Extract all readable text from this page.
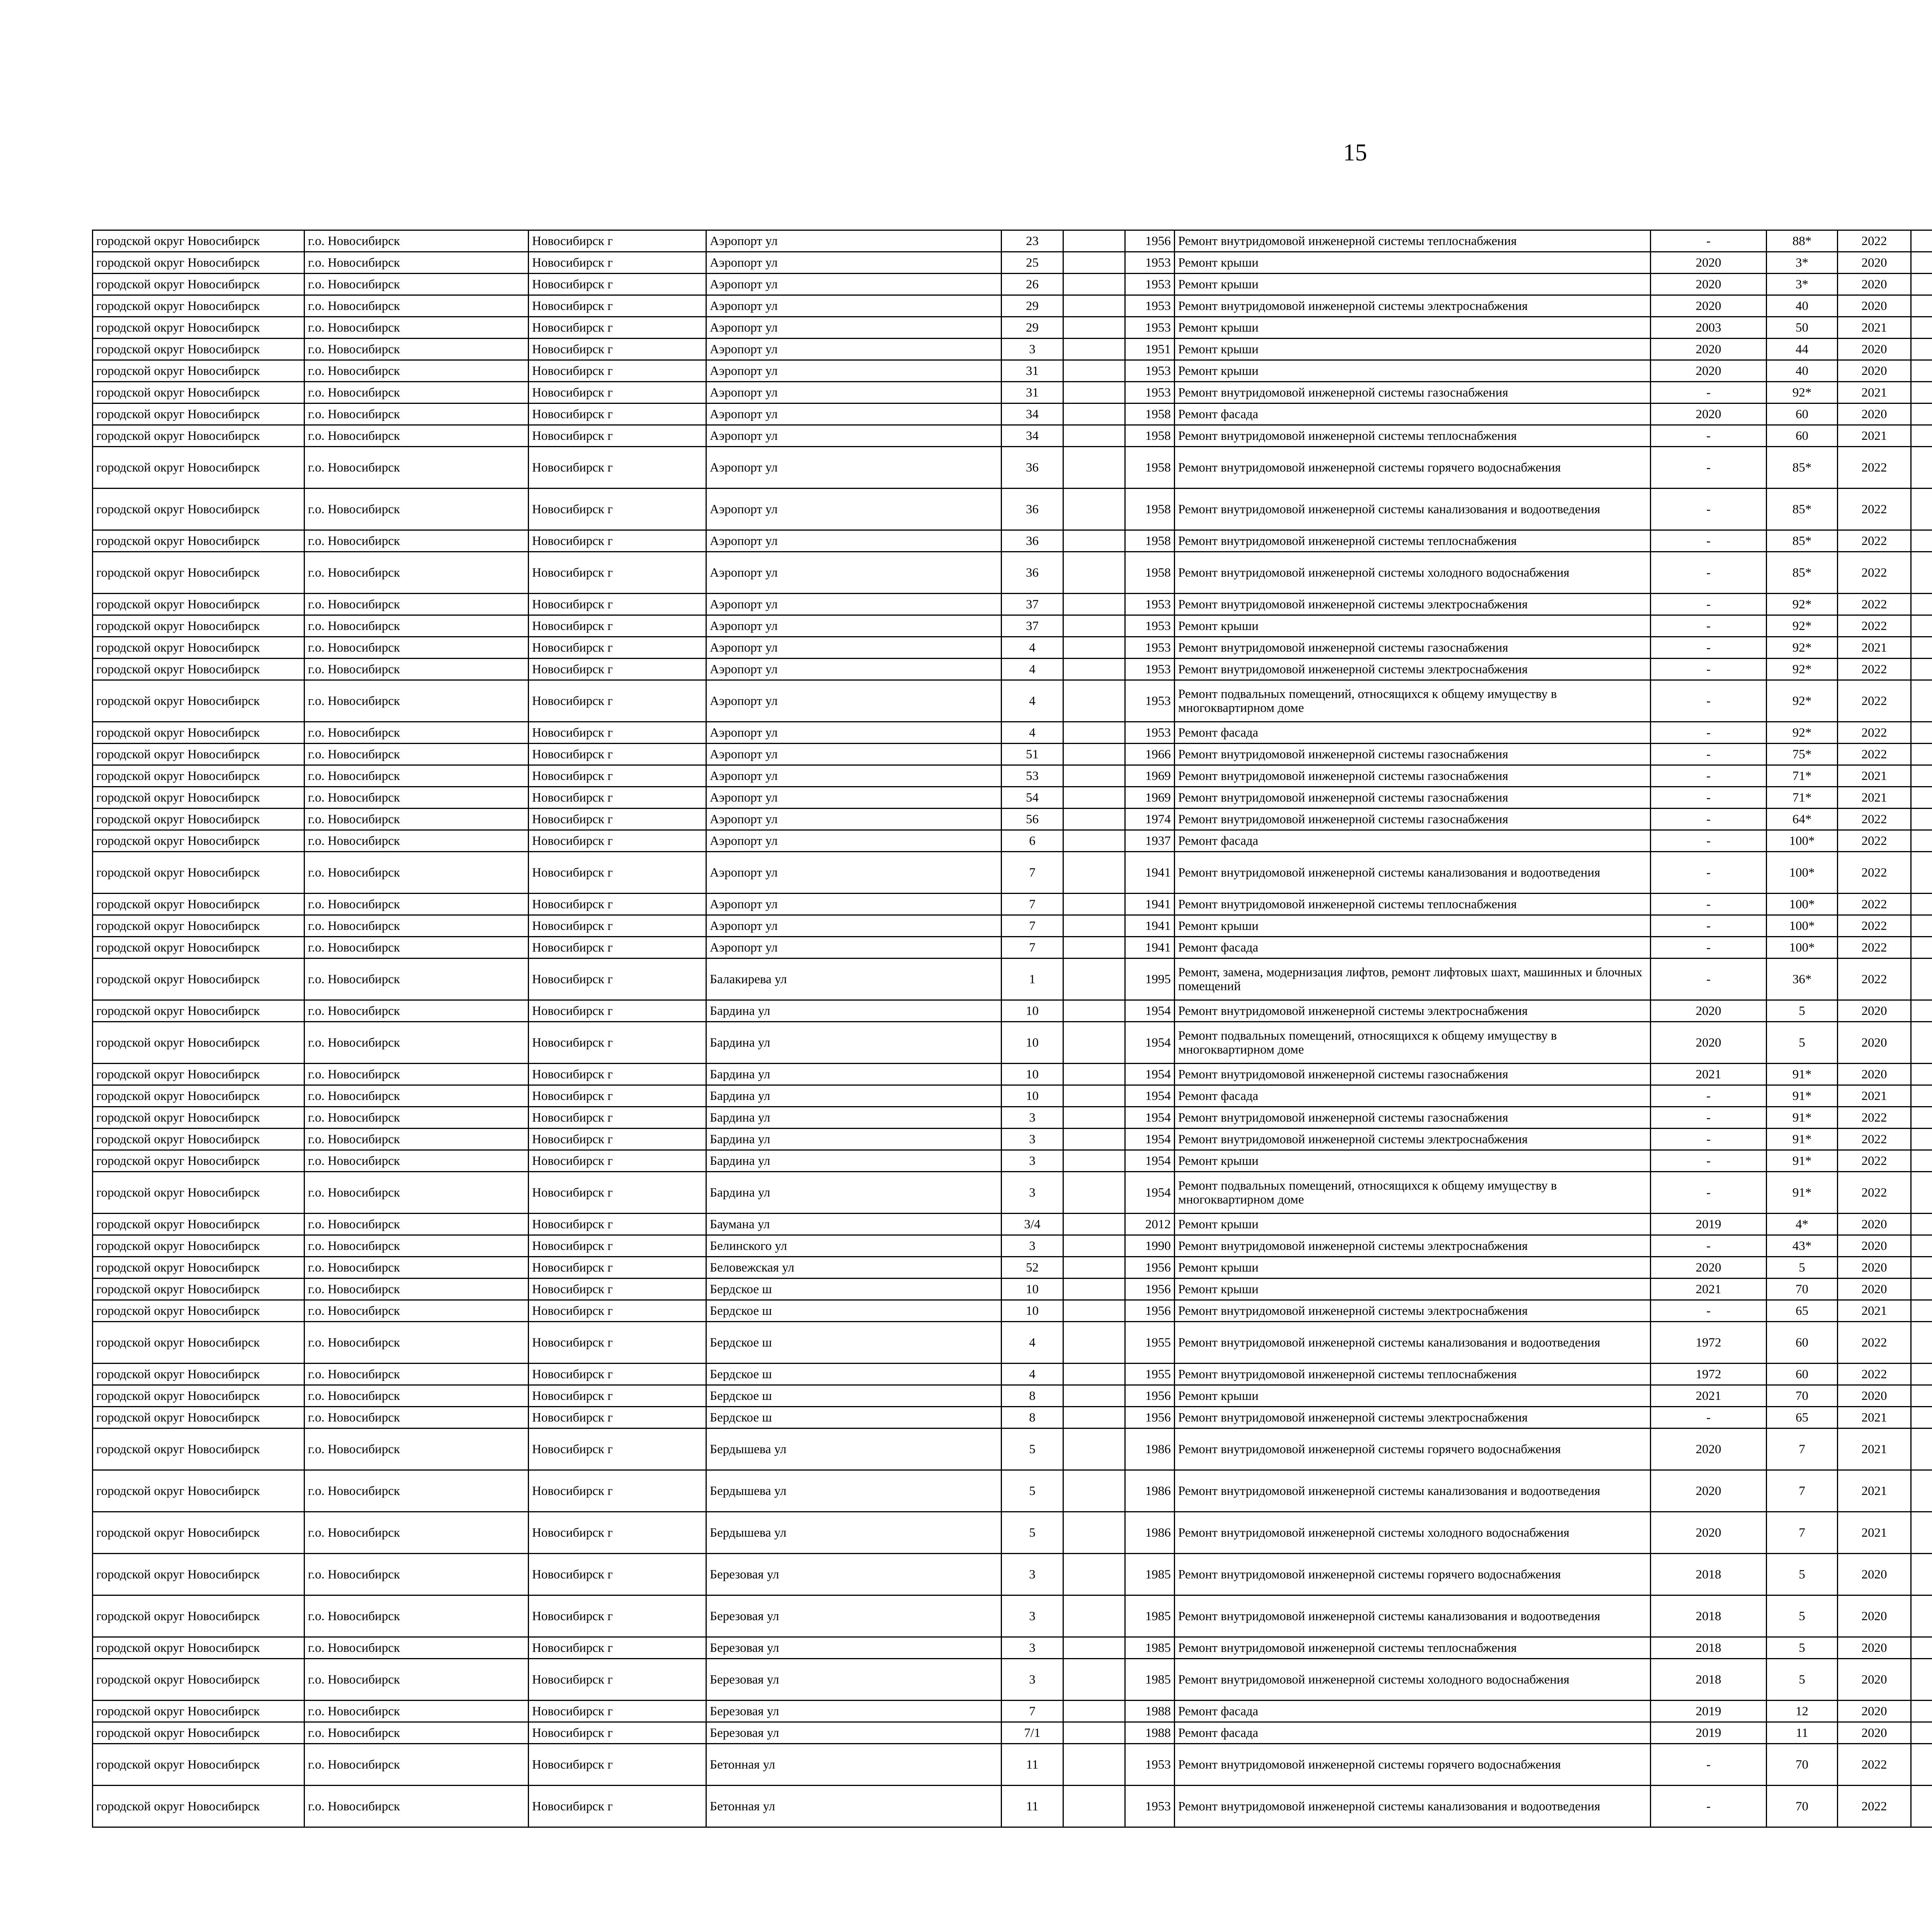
15
городской округ Новосибирск	г.о. Новосибирск	Новосибирск г	Аэропорт ул	23		1956	Ремонт внутридомовой инженерной системы теплоснабжения	-	88*	2022						
городской округ Новосибирск	г.о. Новосибирск	Новосибирск г	Аэропорт ул	25		1953	Ремонт крыши	2020	3*	2020						
городской округ Новосибирск	г.о. Новосибирск	Новосибирск г	Аэропорт ул	26		1953	Ремонт крыши	2020	3*	2020						
городской округ Новосибирск	г.о. Новосибирск	Новосибирск г	Аэропорт ул	29		1953	Ремонт внутридомовой инженерной системы электроснабжения	2020	40	2020						
городской округ Новосибирск	г.о. Новосибирск	Новосибирск г	Аэропорт ул	29		1953	Ремонт крыши	2003	50	2021						
городской округ Новосибирск	г.о. Новосибирск	Новосибирск г	Аэропорт ул	3		1951	Ремонт крыши	2020	44	2020						
городской округ Новосибирск	г.о. Новосибирск	Новосибирск г	Аэропорт ул	31		1953	Ремонт крыши	2020	40	2020						
городской округ Новосибирск	г.о. Новосибирск	Новосибирск г	Аэропорт ул	31		1953	Ремонт внутридомовой инженерной системы газоснабжения	-	92*	2021						
городской округ Новосибирск	г.о. Новосибирск	Новосибирск г	Аэропорт ул	34		1958	Ремонт фасада	2020	60	2020						
городской округ Новосибирск	г.о. Новосибирск	Новосибирск г	Аэропорт ул	34		1958	Ремонт внутридомовой инженерной системы теплоснабжения	-	60	2021						
городской округ Новосибирск	г.о. Новосибирск	Новосибирск г	Аэропорт ул	36		1958	Ремонт внутридомовой инженерной системы горячего водоснабжения	-	85*	2022						
городской округ Новосибирск	г.о. Новосибирск	Новосибирск г	Аэропорт ул	36		1958	Ремонт внутридомовой инженерной системы канализования и водоотведения	-	85*	2022						
городской округ Новосибирск	г.о. Новосибирск	Новосибирск г	Аэропорт ул	36		1958	Ремонт внутридомовой инженерной системы теплоснабжения	-	85*	2022						
городской округ Новосибирск	г.о. Новосибирск	Новосибирск г	Аэропорт ул	36		1958	Ремонт внутридомовой инженерной системы холодного водоснабжения	-	85*	2022						
городской округ Новосибирск	г.о. Новосибирск	Новосибирск г	Аэропорт ул	37		1953	Ремонт внутридомовой инженерной системы электроснабжения	-	92*	2022						
городской округ Новосибирск	г.о. Новосибирск	Новосибирск г	Аэропорт ул	37		1953	Ремонт крыши	-	92*	2022						
городской округ Новосибирск	г.о. Новосибирск	Новосибирск г	Аэропорт ул	4		1953	Ремонт внутридомовой инженерной системы газоснабжения	-	92*	2021						
городской округ Новосибирск	г.о. Новосибирск	Новосибирск г	Аэропорт ул	4		1953	Ремонт внутридомовой инженерной системы электроснабжения	-	92*	2022						
городской округ Новосибирск	г.о. Новосибирск	Новосибирск г	Аэропорт ул	4		1953	Ремонт подвальных помещений, относящихся к общему имуществу в многоквартирном доме	-	92*	2022						
городской округ Новосибирск	г.о. Новосибирск	Новосибирск г	Аэропорт ул	4		1953	Ремонт фасада	-	92*	2022						
городской округ Новосибирск	г.о. Новосибирск	Новосибирск г	Аэропорт ул	51		1966	Ремонт внутридомовой инженерной системы газоснабжения	-	75*	2022						
городской округ Новосибирск	г.о. Новосибирск	Новосибирск г	Аэропорт ул	53		1969	Ремонт внутридомовой инженерной системы газоснабжения	-	71*	2021						
городской округ Новосибирск	г.о. Новосибирск	Новосибирск г	Аэропорт ул	54		1969	Ремонт внутридомовой инженерной системы газоснабжения	-	71*	2021						
городской округ Новосибирск	г.о. Новосибирск	Новосибирск г	Аэропорт ул	56		1974	Ремонт внутридомовой инженерной системы газоснабжения	-	64*	2022						
городской округ Новосибирск	г.о. Новосибирск	Новосибирск г	Аэропорт ул	6		1937	Ремонт фасада	-	100*	2022						
городской округ Новосибирск	г.о. Новосибирск	Новосибирск г	Аэропорт ул	7		1941	Ремонт внутридомовой инженерной системы канализования и водоотведения	-	100*	2022						
городской округ Новосибирск	г.о. Новосибирск	Новосибирск г	Аэропорт ул	7		1941	Ремонт внутридомовой инженерной системы теплоснабжения	-	100*	2022						
городской округ Новосибирск	г.о. Новосибирск	Новосибирск г	Аэропорт ул	7		1941	Ремонт крыши	-	100*	2022						
городской округ Новосибирск	г.о. Новосибирск	Новосибирск г	Аэропорт ул	7		1941	Ремонт фасада	-	100*	2022						
городской округ Новосибирск	г.о. Новосибирск	Новосибирск г	Балакирева ул	1		1995	Ремонт, замена, модернизация лифтов, ремонт лифтовых шахт, машинных и блочных помещений	-	36*	2022						
городской округ Новосибирск	г.о. Новосибирск	Новосибирск г	Бардина ул	10		1954	Ремонт внутридомовой инженерной системы электроснабжения	2020	5	2020						
городской округ Новосибирск	г.о. Новосибирск	Новосибирск г	Бардина ул	10		1954	Ремонт подвальных помещений, относящихся к общему имуществу в многоквартирном доме	2020	5	2020						
городской округ Новосибирск	г.о. Новосибирск	Новосибирск г	Бардина ул	10		1954	Ремонт внутридомовой инженерной системы газоснабжения	2021	91*	2020						
городской округ Новосибирск	г.о. Новосибирск	Новосибирск г	Бардина ул	10		1954	Ремонт фасада	-	91*	2021						
городской округ Новосибирск	г.о. Новосибирск	Новосибирск г	Бардина ул	3		1954	Ремонт внутридомовой инженерной системы газоснабжения	-	91*	2022						
городской округ Новосибирск	г.о. Новосибирск	Новосибирск г	Бардина ул	3		1954	Ремонт внутридомовой инженерной системы электроснабжения	-	91*	2022						
городской округ Новосибирск	г.о. Новосибирск	Новосибирск г	Бардина ул	3		1954	Ремонт крыши	-	91*	2022						
городской округ Новосибирск	г.о. Новосибирск	Новосибирск г	Бардина ул	3		1954	Ремонт подвальных помещений, относящихся к общему имуществу в многоквартирном доме	-	91*	2022						
городской округ Новосибирск	г.о. Новосибирск	Новосибирск г	Баумана ул	3/4		2012	Ремонт крыши	2019	4*	2020						
городской округ Новосибирск	г.о. Новосибирск	Новосибирск г	Белинского ул	3		1990	Ремонт внутридомовой инженерной системы электроснабжения	-	43*	2020						
городской округ Новосибирск	г.о. Новосибирск	Новосибирск г	Беловежская ул	52		1956	Ремонт крыши	2020	5	2020						
городской округ Новосибирск	г.о. Новосибирск	Новосибирск г	Бердское ш	10		1956	Ремонт крыши	2021	70	2020						
городской округ Новосибирск	г.о. Новосибирск	Новосибирск г	Бердское ш	10		1956	Ремонт внутридомовой инженерной системы электроснабжения	-	65	2021						
городской округ Новосибирск	г.о. Новосибирск	Новосибирск г	Бердское ш	4		1955	Ремонт внутридомовой инженерной системы канализования и водоотведения	1972	60	2022						
городской округ Новосибирск	г.о. Новосибирск	Новосибирск г	Бердское ш	4		1955	Ремонт внутридомовой инженерной системы теплоснабжения	1972	60	2022						
городской округ Новосибирск	г.о. Новосибирск	Новосибирск г	Бердское ш	8		1956	Ремонт крыши	2021	70	2020						
городской округ Новосибирск	г.о. Новосибирск	Новосибирск г	Бердское ш	8		1956	Ремонт внутридомовой инженерной системы электроснабжения	-	65	2021						
городской округ Новосибирск	г.о. Новосибирск	Новосибирск г	Бердышева ул	5		1986	Ремонт внутридомовой инженерной системы горячего водоснабжения	2020	7	2021						
городской округ Новосибирск	г.о. Новосибирск	Новосибирск г	Бердышева ул	5		1986	Ремонт внутридомовой инженерной системы канализования и водоотведения	2020	7	2021						
городской округ Новосибирск	г.о. Новосибирск	Новосибирск г	Бердышева ул	5		1986	Ремонт внутридомовой инженерной системы холодного водоснабжения	2020	7	2021						
городской округ Новосибирск	г.о. Новосибирск	Новосибирск г	Березовая ул	3		1985	Ремонт внутридомовой инженерной системы горячего водоснабжения	2018	5	2020						
городской округ Новосибирск	г.о. Новосибирск	Новосибирск г	Березовая ул	3		1985	Ремонт внутридомовой инженерной системы канализования и водоотведения	2018	5	2020						
городской округ Новосибирск	г.о. Новосибирск	Новосибирск г	Березовая ул	3		1985	Ремонт внутридомовой инженерной системы теплоснабжения	2018	5	2020						
городской округ Новосибирск	г.о. Новосибирск	Новосибирск г	Березовая ул	3		1985	Ремонт внутридомовой инженерной системы холодного водоснабжения	2018	5	2020						
городской округ Новосибирск	г.о. Новосибирск	Новосибирск г	Березовая ул	7		1988	Ремонт фасада	2019	12	2020						
городской округ Новосибирск	г.о. Новосибирск	Новосибирск г	Березовая ул	7/1		1988	Ремонт фасада	2019	11	2020						
городской округ Новосибирск	г.о. Новосибирск	Новосибирск г	Бетонная ул	11		1953	Ремонт внутридомовой инженерной системы горячего водоснабжения	-	70	2022						
городской округ Новосибирск	г.о. Новосибирск	Новосибирск г	Бетонная ул	11		1953	Ремонт внутридомовой инженерной системы канализования и водоотведения	-	70	2022						
